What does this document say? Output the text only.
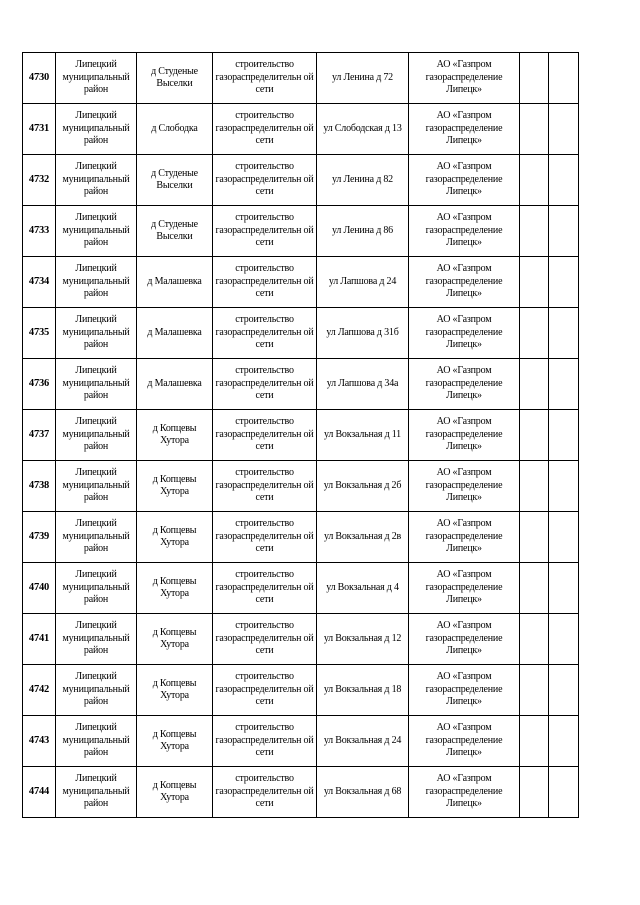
4730	Липецкий муниципальный район	д Студеные Выселки	строительство газораспределительн ой сети	ул Ленина д 72	АО «Газпром газораспределение Липецк»		
4731	Липецкий муниципальный район	д Слободка	строительство газораспределительн ой сети	ул Слободская д 13	АО «Газпром газораспределение Липецк»		
4732	Липецкий муниципальный район	д Студеные Выселки	строительство газораспределительн ой сети	ул Ленина д 82	АО «Газпром газораспределение Липецк»		
4733	Липецкий муниципальный район	д Студеные Выселки	строительство газораспределительн ой сети	ул Ленина д 86	АО «Газпром газораспределение Липецк»		
4734	Липецкий муниципальный район	д Малашевка	строительство газораспределительн ой сети	ул Лапшова д 24	АО «Газпром газораспределение Липецк»		
4735	Липецкий муниципальный район	д Малашевка	строительство газораспределительн ой сети	ул Лапшова д 31б	АО «Газпром газораспределение Липецк»		
4736	Липецкий муниципальный район	д Малашевка	строительство газораспределительн ой сети	ул Лапшова д 34а	АО «Газпром газораспределение Липецк»		
4737	Липецкий муниципальный район	д Копцевы Хутора	строительство газораспределительн ой сети	ул Вокзальная д 11	АО «Газпром газораспределение Липецк»		
4738	Липецкий муниципальный район	д Копцевы Хутора	строительство газораспределительн ой сети	ул Вокзальная д 2б	АО «Газпром газораспределение Липецк»		
4739	Липецкий муниципальный район	д Копцевы Хутора	строительство газораспределительн ой сети	ул Вокзальная д 2в	АО «Газпром газораспределение Липецк»		
4740	Липецкий муниципальный район	д Копцевы Хутора	строительство газораспределительн ой сети	ул Вокзальная д 4	АО «Газпром газораспределение Липецк»		
4741	Липецкий муниципальный район	д Копцевы Хутора	строительство газораспределительн ой сети	ул Вокзальная д 12	АО «Газпром газораспределение Липецк»		
4742	Липецкий муниципальный район	д Копцевы Хутора	строительство газораспределительн ой сети	ул Вокзальная д 18	АО «Газпром газораспределение Липецк»		
4743	Липецкий муниципальный район	д Копцевы Хутора	строительство газораспределительн ой сети	ул Вокзальная д 24	АО «Газпром газораспределение Липецк»		
4744	Липецкий муниципальный район	д Копцевы Хутора	строительство газораспределительн ой сети	ул Вокзальная д 68	АО «Газпром газораспределение Липецк»		
